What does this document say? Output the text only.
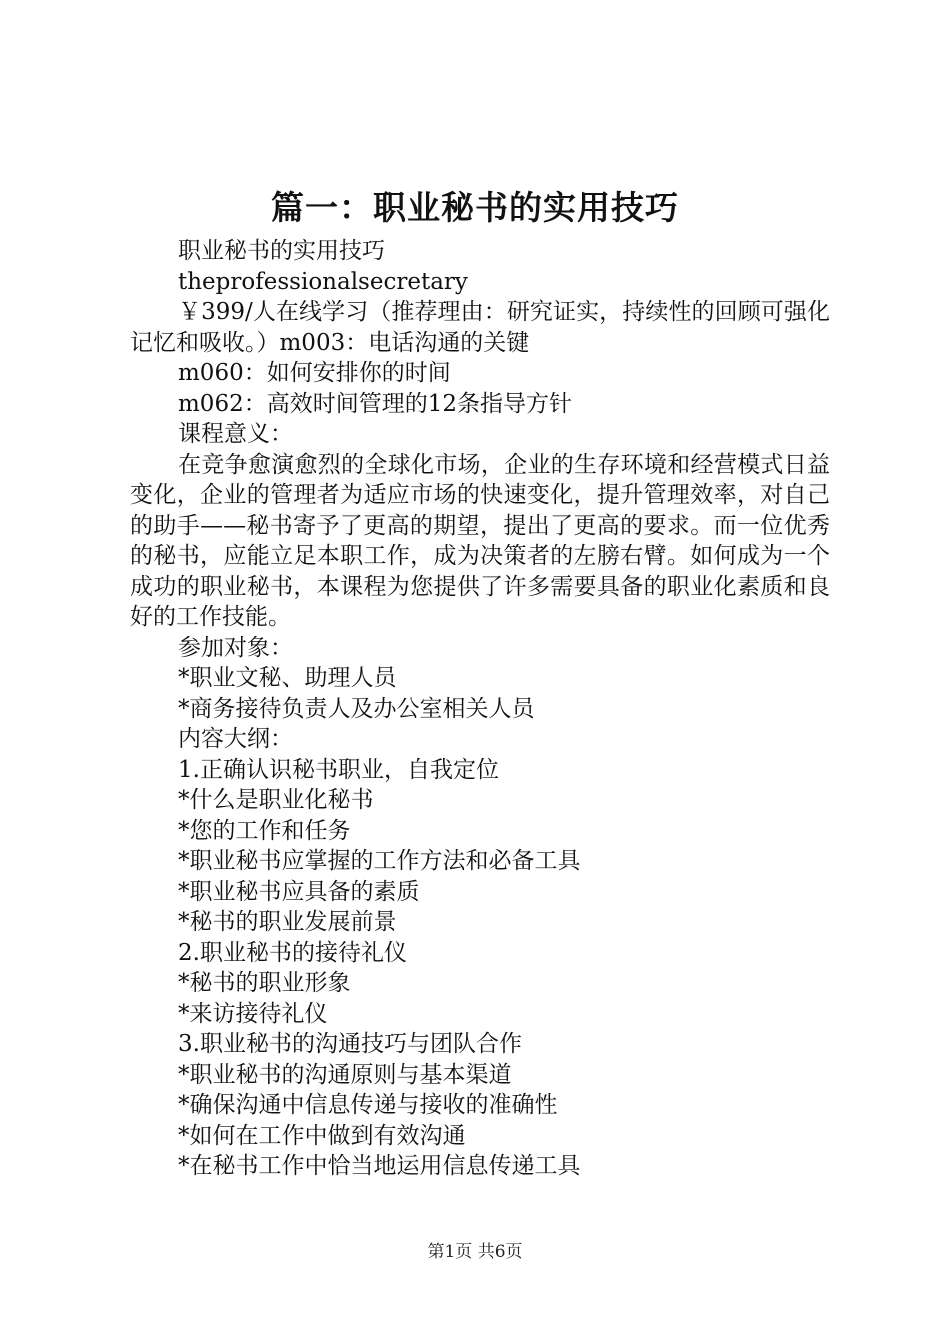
篇一：职业秘书的实用技巧

职业秘书的实用技巧

theprofessionalsecretary

￥399/人在线学习（推荐理由：研究证实，持续性的回顾可强化记忆和吸收。）m003：电话沟通的关键

m060：如何安排你的时间

m062：高效时间管理的12条指导方针

课程意义：

在竞争愈演愈烈的全球化市场，企业的生存环境和经营模式日益变化，企业的管理者为适应市场的快速变化，提升管理效率，对自己的助手——秘书寄予了更高的期望，提出了更高的要求。而一位优秀的秘书，应能立足本职工作，成为决策者的左膀右臂。如何成为一个成功的职业秘书，本课程为您提供了许多需要具备的职业化素质和良好的工作技能。

参加对象：

*职业文秘、助理人员

*商务接待负责人及办公室相关人员

内容大纲：

1.正确认识秘书职业，自我定位

*什么是职业化秘书

*您的工作和任务

*职业秘书应掌握的工作方法和必备工具

*职业秘书应具备的素质

*秘书的职业发展前景

2.职业秘书的接待礼仪

*秘书的职业形象

*来访接待礼仪

3.职业秘书的沟通技巧与团队合作

*职业秘书的沟通原则与基本渠道

*确保沟通中信息传递与接收的准确性

*如何在工作中做到有效沟通

*在秘书工作中恰当地运用信息传递工具

第1页 共6页
